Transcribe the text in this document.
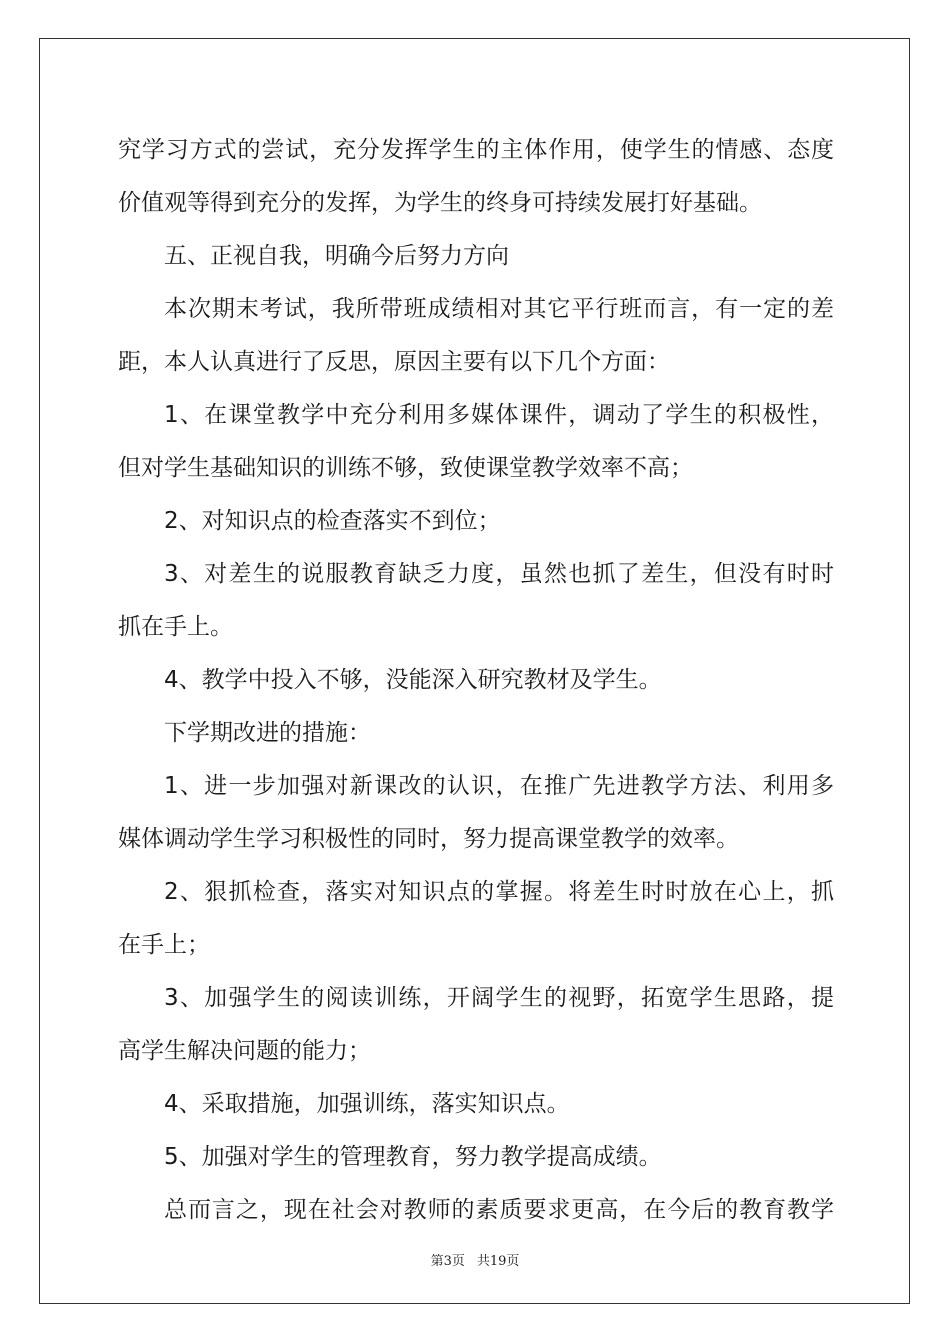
究学习方式的尝试，充分发挥学生的主体作用，使学生的情感、态度
价值观等得到充分的发挥，为学生的终身可持续发展打好基础。
五、正视自我，明确今后努力方向
本次期末考试，我所带班成绩相对其它平行班而言，有一定的差
距，本人认真进行了反思，原因主要有以下几个方面：
1、在课堂教学中充分利用多媒体课件，调动了学生的积极性，
但对学生基础知识的训练不够，致使课堂教学效率不高；
2、对知识点的检查落实不到位；
3、对差生的说服教育缺乏力度，虽然也抓了差生，但没有时时
抓在手上。
4、教学中投入不够，没能深入研究教材及学生。
下学期改进的措施：
1、进一步加强对新课改的认识，在推广先进教学方法、利用多
媒体调动学生学习积极性的同时，努力提高课堂教学的效率。
2、狠抓检查，落实对知识点的掌握。将差生时时放在心上，抓
在手上；
3、加强学生的阅读训练，开阔学生的视野，拓宽学生思路，提
高学生解决问题的能力；
4、采取措施，加强训练，落实知识点。
5、加强对学生的管理教育，努力教学提高成绩。
总而言之，现在社会对教师的素质要求更高，在今后的教育教学
第3页 共19页
